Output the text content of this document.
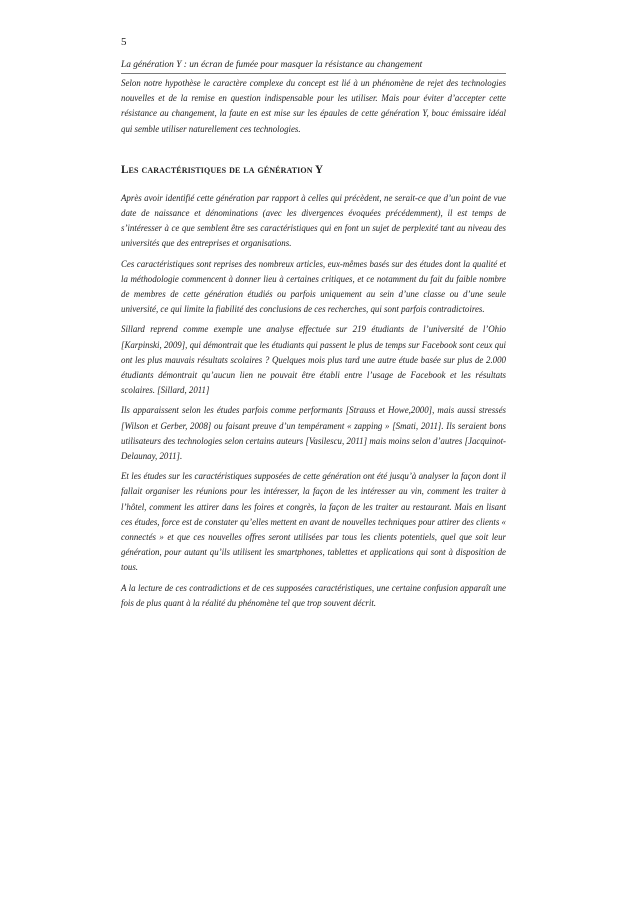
5
La génération Y : un écran de fumée pour masquer la résistance au changement

Selon notre hypothèse le caractère complexe du concept est lié à un phénomène de rejet des technologies nouvelles et de la remise en question indispensable pour les utiliser. Mais pour éviter d’accepter cette résistance au changement, la faute en est mise sur les épaules de cette génération Y, bouc émissaire idéal qui semble utiliser naturellement ces technologies.

Les caractéristiques de la génération Y

Après avoir identifié cette génération par rapport à celles qui précèdent, ne serait-ce que d’un point de vue date de naissance et dénominations (avec les divergences évoquées précédemment), il est temps de s’intéresser à ce que semblent être ses caractéristiques qui en font un sujet de perplexité tant au niveau des universités que des entreprises et organisations.

Ces caractéristiques sont reprises des nombreux articles, eux-mêmes basés sur des études dont la qualité et la méthodologie commencent à donner lieu à certaines critiques, et ce notamment du fait du faible nombre de membres de cette génération étudiés ou parfois uniquement au sein d’une classe ou d’une seule université, ce qui limite la fiabilité des conclusions de ces recherches, qui sont parfois contradictoires.

Sillard reprend comme exemple une analyse effectuée sur 219 étudiants de l’université de l’Ohio [Karpinski, 2009], qui démontrait que les étudiants qui passent le plus de temps sur Facebook sont ceux qui ont les plus mauvais résultats scolaires ? Quelques mois plus tard une autre étude basée sur plus de 2.000 étudiants démontrait qu’aucun lien ne pouvait être établi entre l’usage de Facebook et les résultats scolaires. [Sillard, 2011]

Ils apparaissent selon les études parfois comme performants [Strauss et Howe,2000], mais aussi stressés [Wilson et Gerber, 2008] ou faisant preuve d’un tempérament « zapping » [Smati, 2011]. Ils seraient bons utilisateurs des technologies selon certains auteurs [Vasilescu, 2011] mais moins selon d’autres [Jacquinot-Delaunay, 2011].

Et les études sur les caractéristiques supposées de cette génération ont été jusqu’à analyser la façon dont il fallait organiser les réunions pour les intéresser, la façon de les intéresser au vin, comment les traiter à l’hôtel, comment les attirer dans les foires et congrès, la façon de les traiter au restaurant. Mais en lisant ces études, force est de constater qu’elles mettent en avant de nouvelles techniques pour attirer des clients « connectés » et que ces nouvelles offres seront utilisées par tous les clients potentiels, quel que soit leur génération, pour autant qu’ils utilisent les smartphones, tablettes et applications qui sont à disposition de tous.

A la lecture de ces contradictions et de ces supposées caractéristiques, une certaine confusion apparaît une fois de plus quant à la réalité du phénomène tel que trop souvent décrit.
